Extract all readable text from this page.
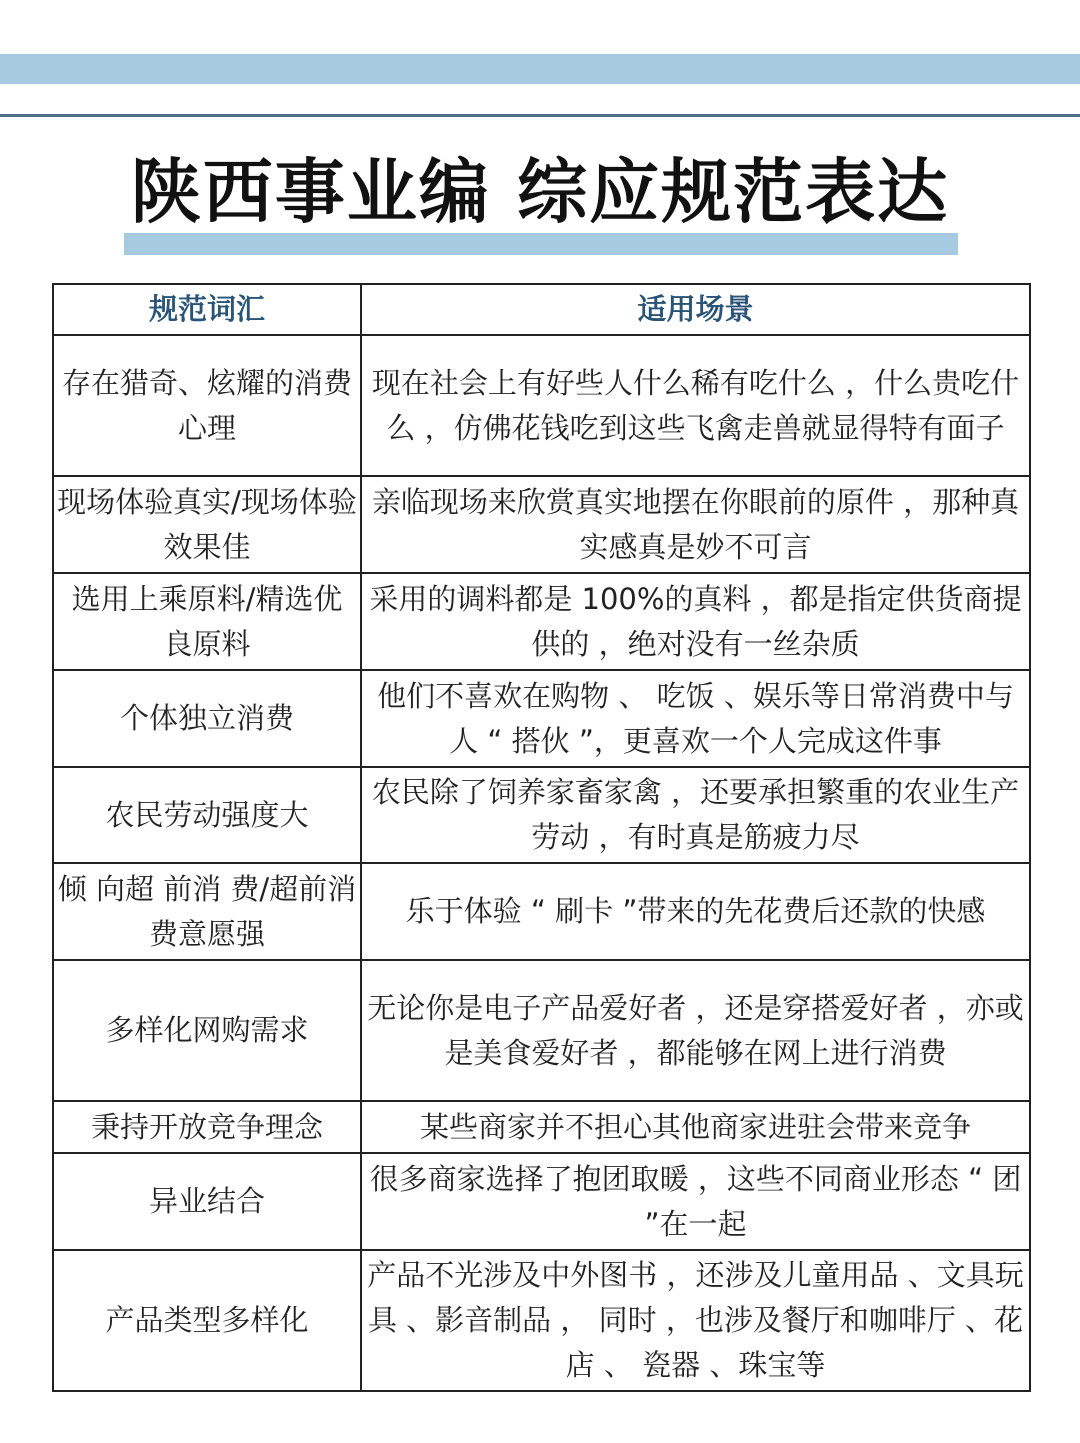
陕西事业编 综应规范表达
规范词汇	适用场景
存在猎奇、炫耀的消费心理	现在社会上有好些人什么稀有吃什么 ，什么贵吃什么 ，仿佛花钱吃到这些飞禽走兽就显得特有面子
现场体验真实/现场体验效果佳	亲临现场来欣赏真实地摆在你眼前的原件 ，那种真实感真是妙不可言
选用上乘原料/精选优 良原料	采用的调料都是 100%的真料 ，都是指定供货商提供的 ，绝对没有一丝杂质
个体独立消费	他们不喜欢在购物 、 吃饭 、娱乐等日常消费中与人 “ 搭伙 ”，更喜欢一个人完成这件事
农民劳动强度大	农民除了饲养家畜家禽 ，还要承担繁重的农业生产劳动 ，有时真是筋疲力尽
倾 向超 前消 费/超前消 费意愿强	乐于体验 “ 刷卡 ”带来的先花费后还款的快感
多样化网购需求	无论你是电子产品爱好者 ，还是穿搭爱好者 ，亦或是美食爱好者 ，都能够在网上进行消费
秉持开放竞争理念	某些商家并不担心其他商家进驻会带来竞争
异业结合	很多商家选择了抱团取暖 ，这些不同商业形态 “ 团 ”在一起
产品类型多样化	产品不光涉及中外图书 ，还涉及儿童用品 、文具玩具 、影音制品 ， 同时 ，也涉及餐厅和咖啡厅 、花店 、 瓷器 、珠宝等
